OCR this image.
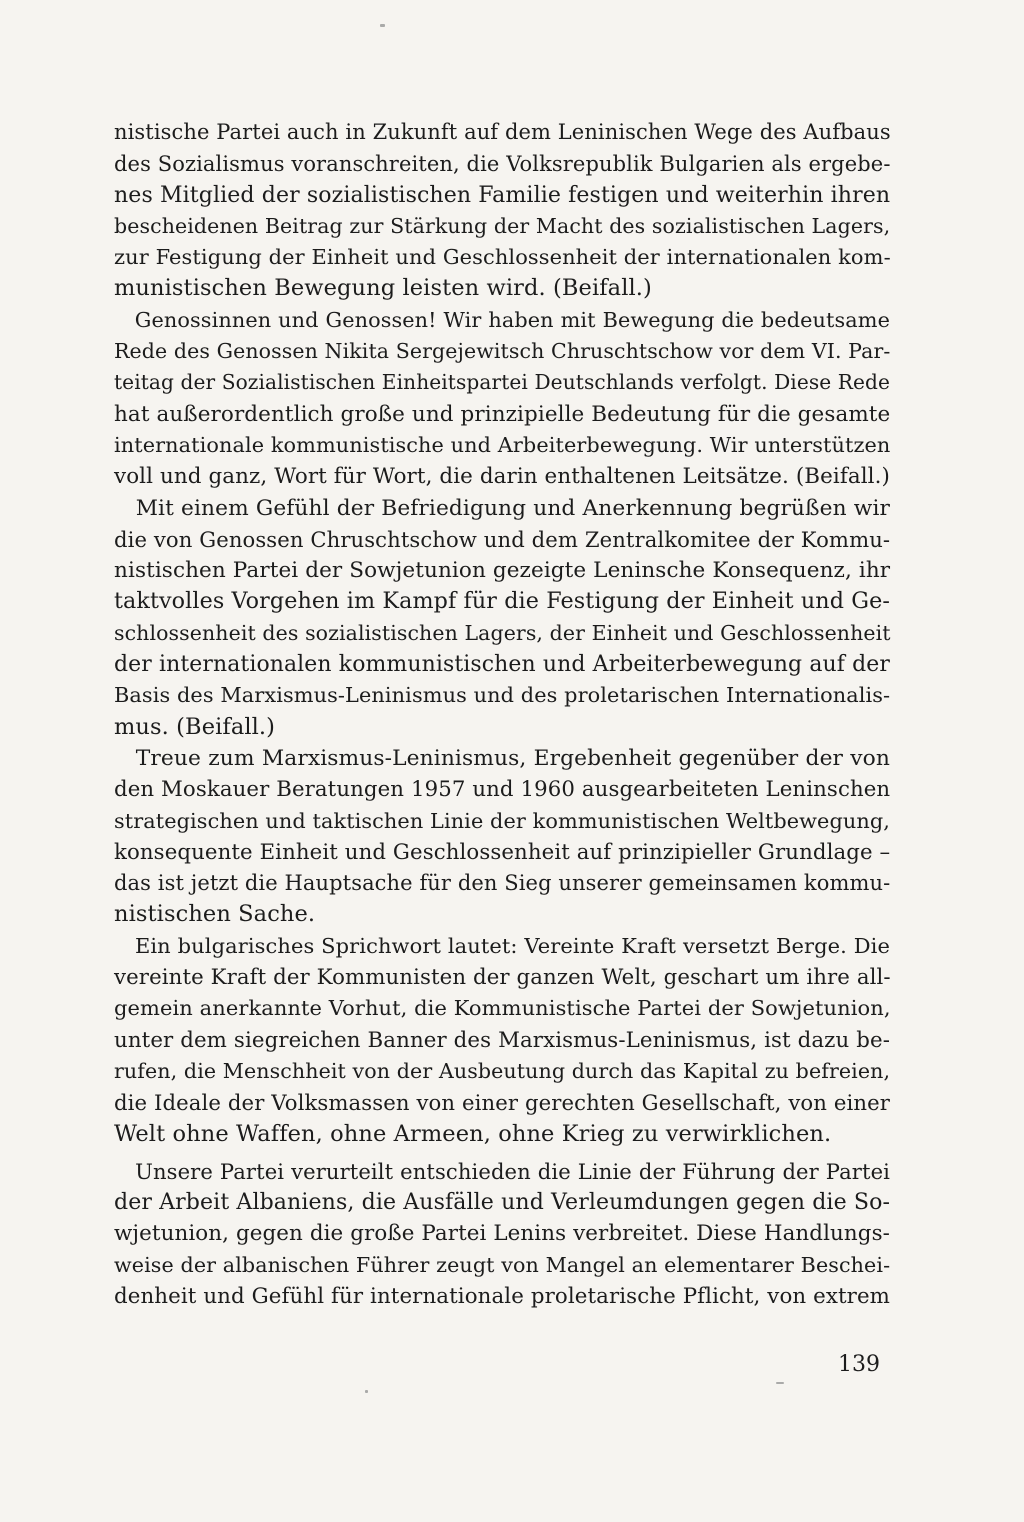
nistische Partei auch in Zukunft auf dem Leninischen Wege des Aufbaus
des Sozialismus voranschreiten, die Volksrepublik Bulgarien als ergebe-
nes Mitglied der sozialistischen Familie festigen und weiterhin ihren
bescheidenen Beitrag zur Stärkung der Macht des sozialistischen Lagers,
zur Festigung der Einheit und Geschlossenheit der internationalen kom-
munistischen Bewegung leisten wird. (Beifall.)

Genossinnen und Genossen! Wir haben mit Bewegung die bedeutsame
Rede des Genossen Nikita Sergejewitsch Chruschtschow vor dem VI. Par-
teitag der Sozialistischen Einheitspartei Deutschlands verfolgt. Diese Rede
hat außerordentlich große und prinzipielle Bedeutung für die gesamte
internationale kommunistische und Arbeiterbewegung. Wir unterstützen
voll und ganz, Wort für Wort, die darin enthaltenen Leitsätze. (Beifall.)

Mit einem Gefühl der Befriedigung und Anerkennung begrüßen wir
die von Genossen Chruschtschow und dem Zentralkomitee der Kommu-
nistischen Partei der Sowjetunion gezeigte Leninsche Konsequenz, ihr
taktvolles Vorgehen im Kampf für die Festigung der Einheit und Ge-
schlossenheit des sozialistischen Lagers, der Einheit und Geschlossenheit
der internationalen kommunistischen und Arbeiterbewegung auf der
Basis des Marxismus-Leninismus und des proletarischen Internationalis-
mus. (Beifall.)

Treue zum Marxismus-Leninismus, Ergebenheit gegenüber der von
den Moskauer Beratungen 1957 und 1960 ausgearbeiteten Leninschen
strategischen und taktischen Linie der kommunistischen Weltbewegung,
konsequente Einheit und Geschlossenheit auf prinzipieller Grundlage –
das ist jetzt die Hauptsache für den Sieg unserer gemeinsamen kommu-
nistischen Sache.

Ein bulgarisches Sprichwort lautet: Vereinte Kraft versetzt Berge. Die
vereinte Kraft der Kommunisten der ganzen Welt, geschart um ihre all-
gemein anerkannte Vorhut, die Kommunistische Partei der Sowjetunion,
unter dem siegreichen Banner des Marxismus-Leninismus, ist dazu be-
rufen, die Menschheit von der Ausbeutung durch das Kapital zu befreien,
die Ideale der Volksmassen von einer gerechten Gesellschaft, von einer
Welt ohne Waffen, ohne Armeen, ohne Krieg zu verwirklichen.

Unsere Partei verurteilt entschieden die Linie der Führung der Partei
der Arbeit Albaniens, die Ausfälle und Verleumdungen gegen die So-
wjetunion, gegen die große Partei Lenins verbreitet. Diese Handlungs-
weise der albanischen Führer zeugt von Mangel an elementarer Beschei-
denheit und Gefühl für internationale proletarische Pflicht, von extrem

139
